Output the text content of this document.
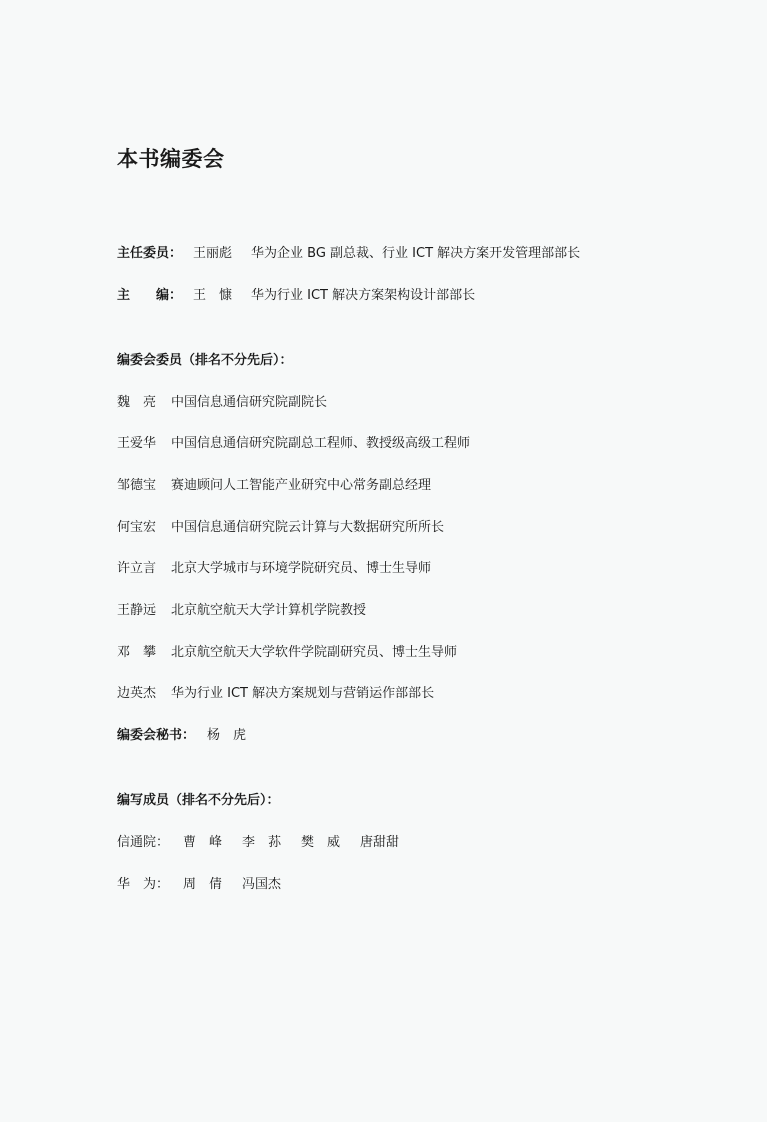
本书编委会
主任委员： 王丽彪 华为企业 BG 副总裁、行业 ICT 解决方案开发管理部部长
主　　编： 王　慷 华为行业 ICT 解决方案架构设计部部长
编委会委员（排名不分先后）：
魏　亮 中国信息通信研究院副院长
王爱华 中国信息通信研究院副总工程师、教授级高级工程师
邹德宝 赛迪顾问人工智能产业研究中心常务副总经理
何宝宏 中国信息通信研究院云计算与大数据研究所所长
许立言 北京大学城市与环境学院研究员、博士生导师
王静远 北京航空航天大学计算机学院教授
邓　攀 北京航空航天大学软件学院副研究员、博士生导师
边英杰 华为行业 ICT 解决方案规划与营销运作部部长
编委会秘书： 杨　虎
编写成员（排名不分先后）：
信通院： 曹　峰 李　荪 樊　威 唐甜甜
华　为： 周　倩 冯国杰
